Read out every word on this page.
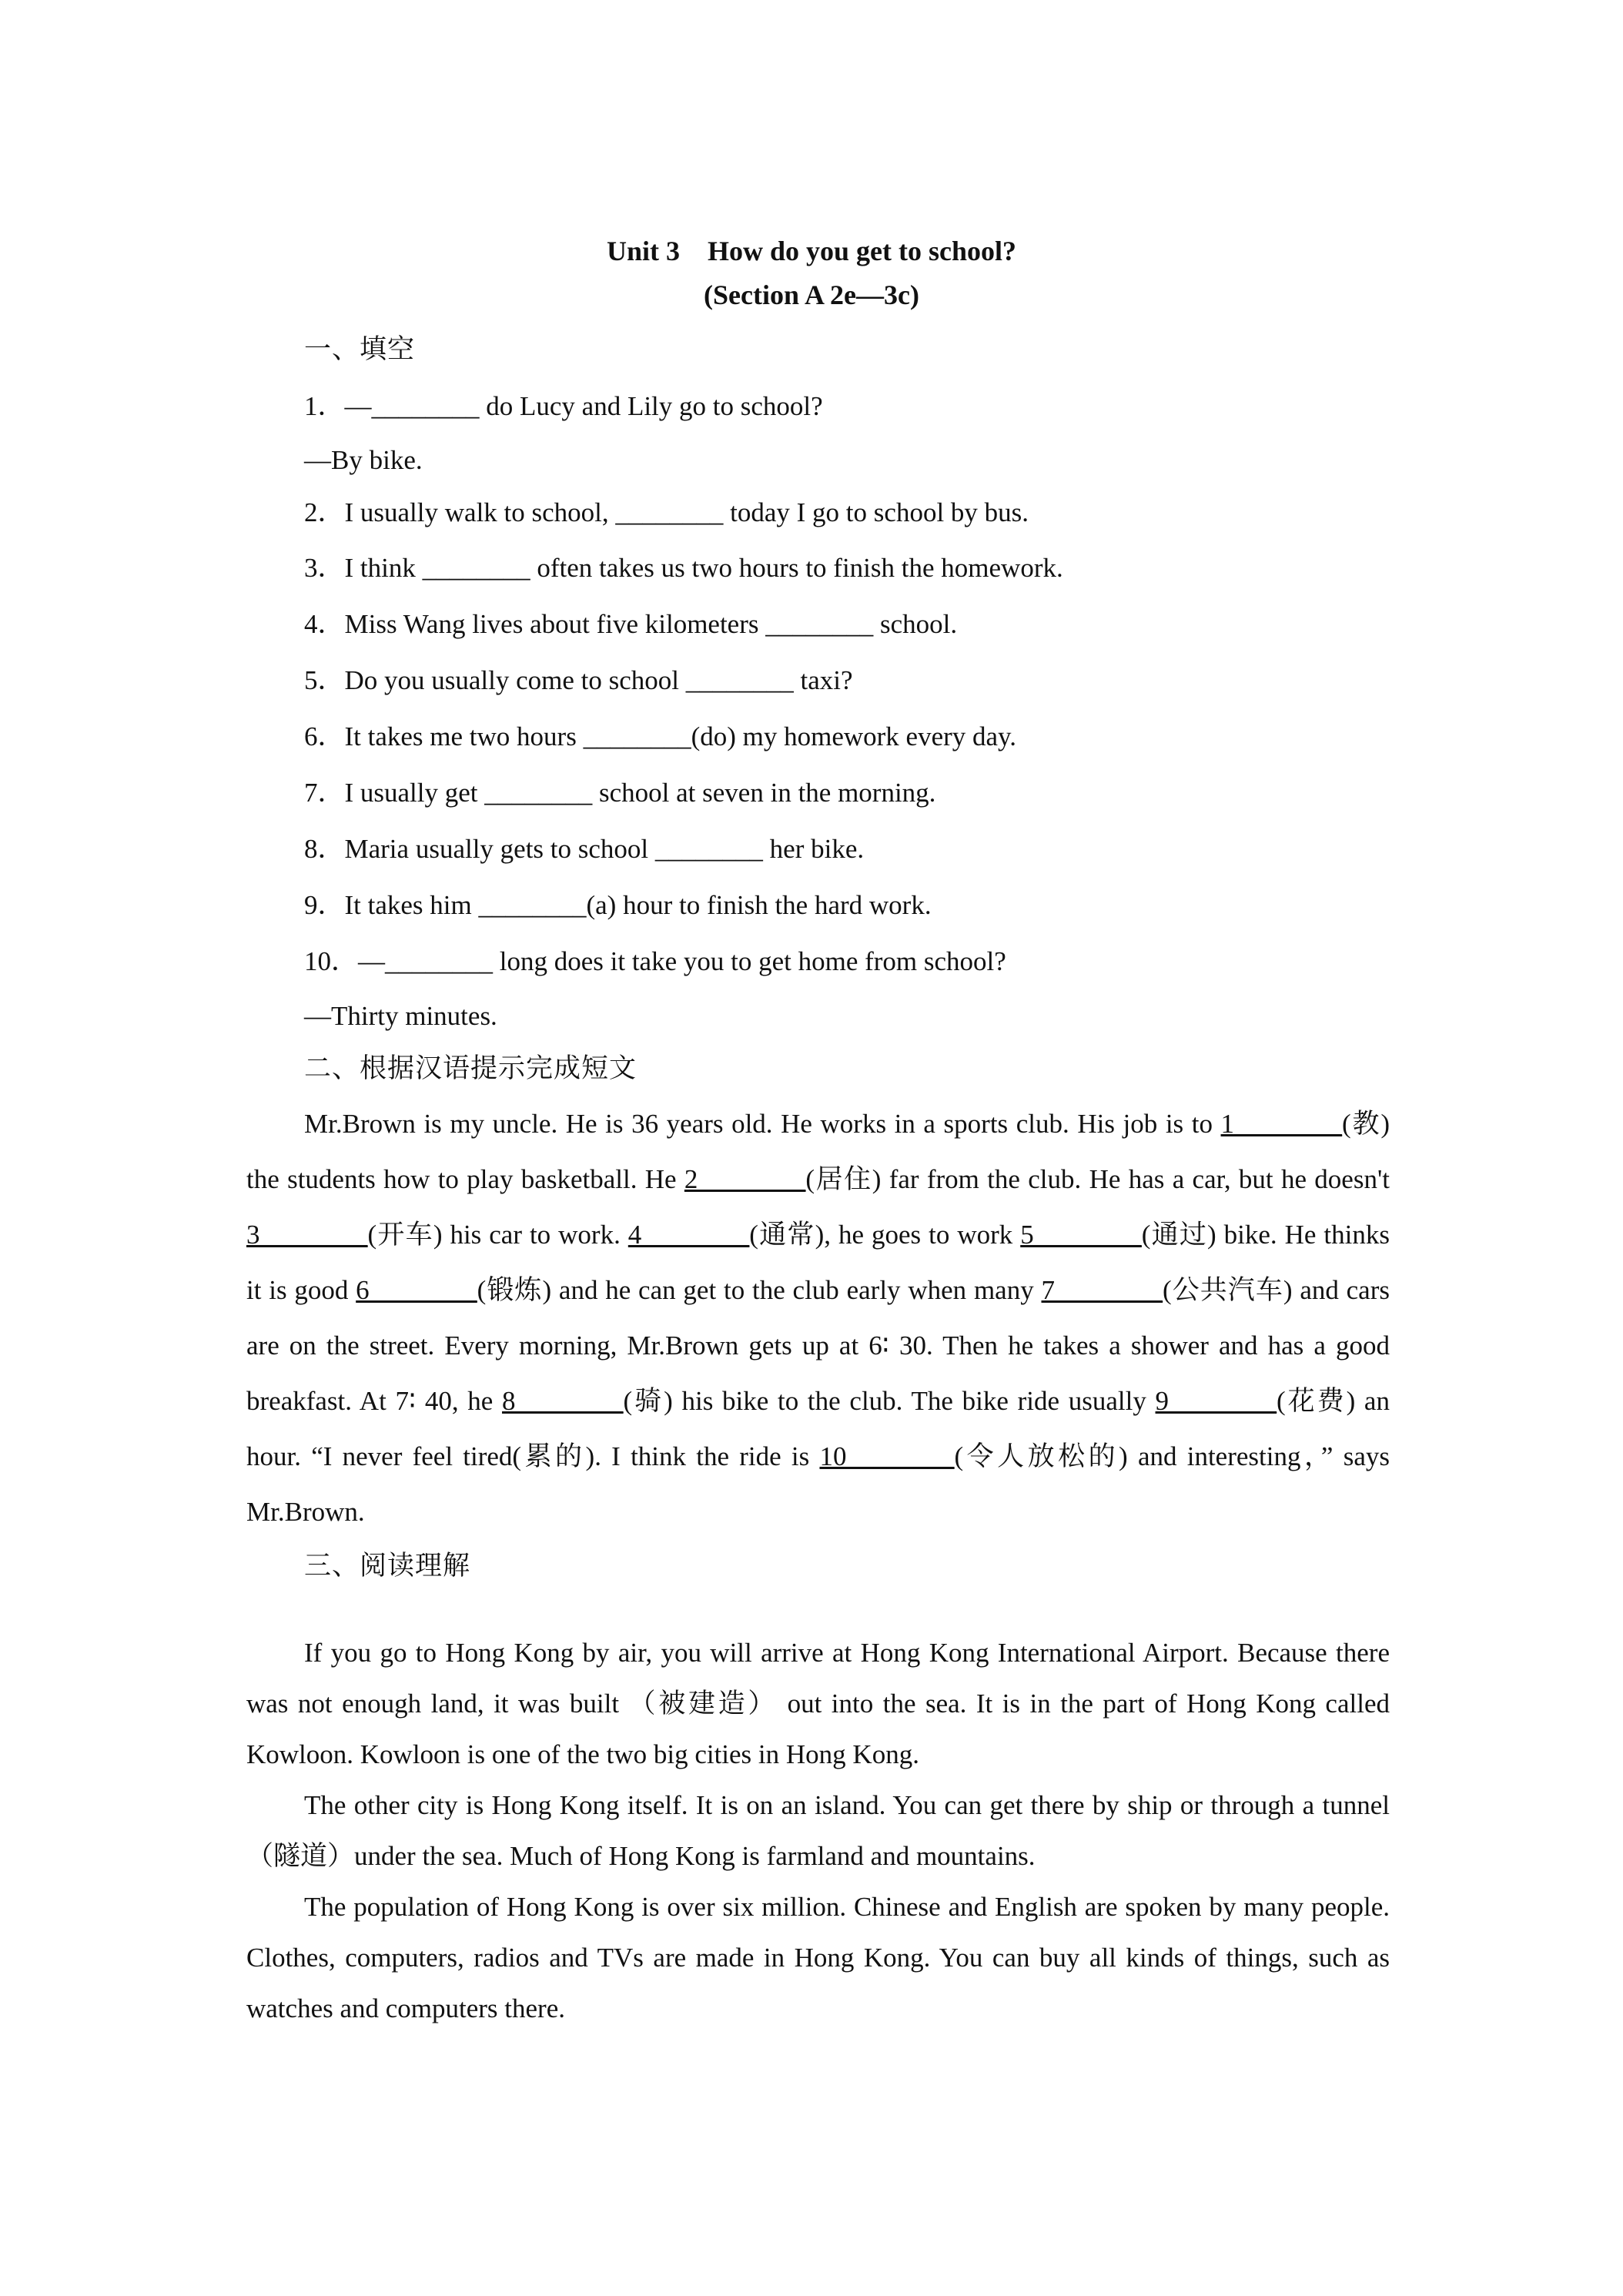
Unit 3　How do you get to school?
(Section A 2e—3c)
一、填空
1．—________ do Lucy and Lily go to school?
—By bike.
2．I usually walk to school, ________ today I go to school by bus.
3．I think ________ often takes us two hours to finish the homework.
4．Miss Wang lives about five kilometers ________ school.
5．Do you usually come to school ________ taxi?
6．It takes me two hours ________(do) my homework every day.
7．I usually get ________ school at seven in the morning.
8．Maria usually gets to school ________ her bike.
9．It takes him ________(a) hour to finish the hard work.
10．—________ long does it take you to get home from school?
—Thirty minutes.
二、根据汉语提示完成短文

Mr.Brown is my uncle. He is 36 years old. He works in a sports club. His job is to 1________(教) the students how to play basketball. He 2________(居住) far from the club. He has a car, but he doesn't 3________(开车) his car to work. 4________(通常), he goes to work 5________(通过) bike. He thinks it is good 6________(锻炼) and he can get to the club early when many 7________(公共汽车) and cars are on the street. Every morning, Mr.Brown gets up at 6∶ 30. Then he takes a shower and has a good breakfast. At 7∶ 40, he 8________(骑) his bike to the club. The bike ride usually 9________(花费) an hour. “I never feel tired(累的). I think the ride is 10________(令人放松的) and interesting，” says Mr.Brown.

三、阅读理解

If you go to Hong Kong by air, you will arrive at Hong Kong International Airport. Because there was not enough land, it was built （被建造） out into the sea. It is in the part of Hong Kong called Kowloon. Kowloon is one of the two big cities in Hong Kong.

The other city is Hong Kong itself. It is on an island. You can get there by ship or through a tunnel（隧道）under the sea. Much of Hong Kong is farmland and mountains.

The population of Hong Kong is over six million. Chinese and English are spoken by many people. Clothes, computers, radios and TVs are made in Hong Kong. You can buy all kinds of things, such as watches and computers there.
